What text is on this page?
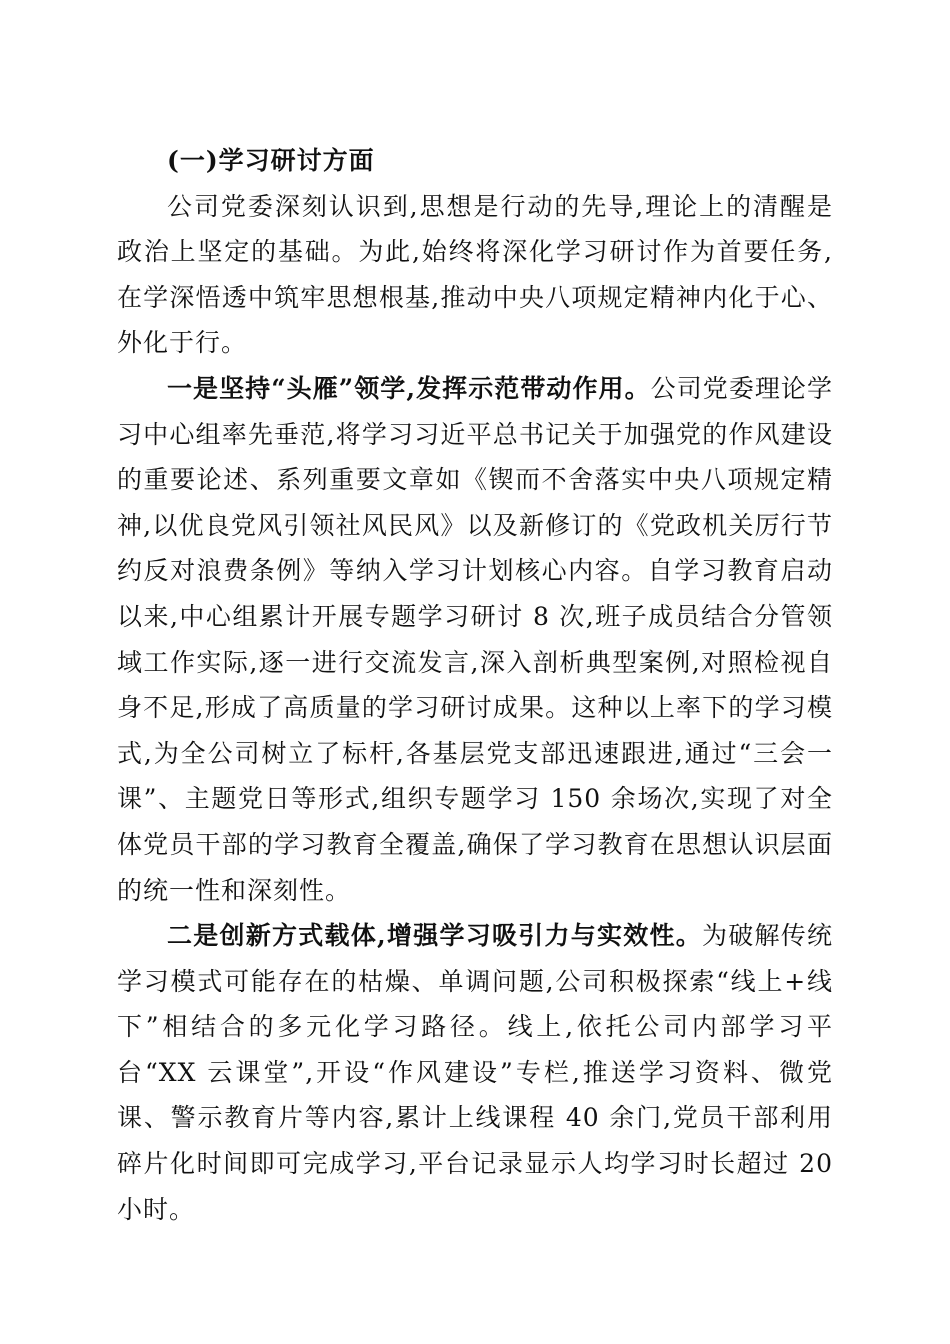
(一)学习研讨方面

公司党委深刻认识到,思想是行动的先导,理论上的清醒是政治上坚定的基础。为此,始终将深化学习研讨作为首要任务,在学深悟透中筑牢思想根基,推动中央八项规定精神内化于心、外化于行。

一是坚持“头雁”领学,发挥示范带动作用。公司党委理论学习中心组率先垂范,将学习习近平总书记关于加强党的作风建设的重要论述、系列重要文章如《锲而不舍落实中央八项规定精神,以优良党风引领社风民风》以及新修订的《党政机关厉行节约反对浪费条例》等纳入学习计划核心内容。自学习教育启动以来,中心组累计开展专题学习研讨 8 次,班子成员结合分管领域工作实际,逐一进行交流发言,深入剖析典型案例,对照检视自身不足,形成了高质量的学习研讨成果。这种以上率下的学习模式,为全公司树立了标杆,各基层党支部迅速跟进,通过“三会一课”、主题党日等形式,组织专题学习 150 余场次,实现了对全体党员干部的学习教育全覆盖,确保了学习教育在思想认识层面的统一性和深刻性。

二是创新方式载体,增强学习吸引力与实效性。为破解传统学习模式可能存在的枯燥、单调问题,公司积极探索“线上+线下”相结合的多元化学习路径。线上,依托公司内部学习平台“XX 云课堂”,开设“作风建设”专栏,推送学习资料、微党课、警示教育片等内容,累计上线课程 40 余门,党员干部利用碎片化时间即可完成学习,平台记录显示人均学习时长超过 20 小时。
